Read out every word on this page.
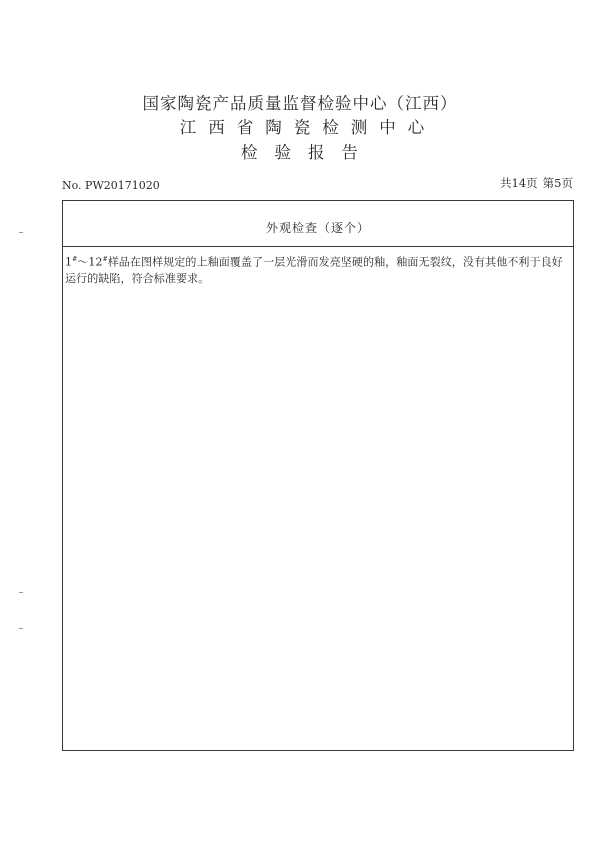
国家陶瓷产品质量监督检验中心（江西）
江西省陶瓷检测中心
检验报告
No. PW20171020	共14页 第5页
外观检查（逐个）
1#～12#样品在图样规定的上釉面覆盖了一层光滑而发亮坚硬的釉，釉面无裂纹，没有其他不利于良好运行的缺陷，符合标准要求。
